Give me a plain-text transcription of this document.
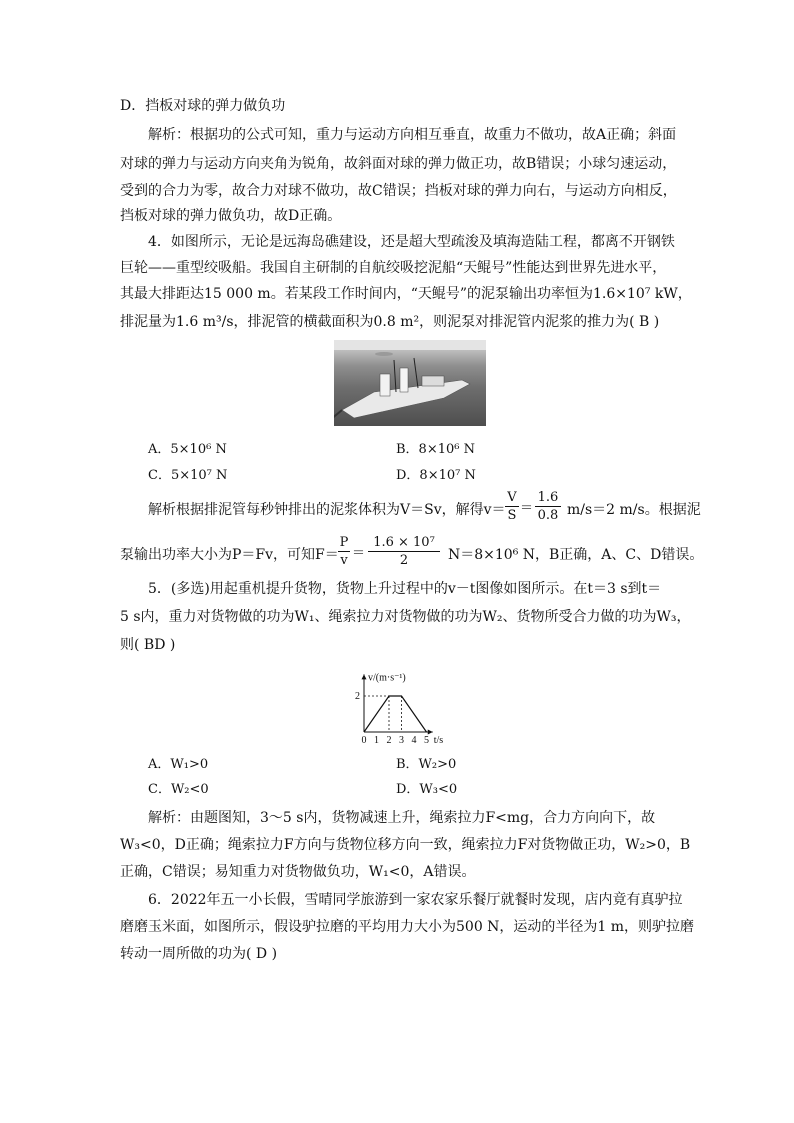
D．挡板对球的弹力做负功
解析：根据功的公式可知，重力与运动方向相互垂直，故重力不做功，故A正确；斜面
对球的弹力与运动方向夹角为锐角，故斜面对球的弹力做正功，故B错误；小球匀速运动，
受到的合力为零，故合力对球不做功，故C错误；挡板对球的弹力向右，与运动方向相反，
挡板对球的弹力做负功，故D正确。
4．如图所示，无论是远海岛礁建设，还是超大型疏浚及填海造陆工程，都离不开钢铁
巨轮——重型绞吸船。我国自主研制的自航绞吸挖泥船“天鲲号”性能达到世界先进水平，
其最大排距达15 000 m。若某段工作时间内，“天鲲号”的泥泵输出功率恒为1.6×10⁷ kW，
排泥量为1.6 m³/s，排泥管的横截面积为0.8 m²，则泥泵对排泥管内泥浆的推力为( B )
A．5×10⁶ N	B．8×10⁶ N
C．5×10⁷ N	D．8×10⁷ N
解析根据排泥管每秒钟排出的泥浆体积为V＝Sv，解得v＝
V
S ＝
1.6
0.8 m/s＝2 m/s。根据泥
泵输出功率大小为P＝Fv，可知F＝
P
v ＝
1.6 × 10⁷
2	N＝8×10⁶ N，B正确，A、C、D错误。
5．(多选)用起重机提升货物，货物上升过程中的v－t图像如图所示。在t＝3 s到t＝
5 s内，重力对货物做的功为W₁、绳索拉力对货物做的功为W₂、货物所受合力做的功为W₃，
则( BD )
0 1 2 3 4 5
2
v/(m·s⁻¹)
t/s
A．W₁>0	B．W₂>0
C．W₂<0	D．W₃<0
解析：由题图知，3～5 s内，货物减速上升，绳索拉力F<mg，合力方向向下，故
W₃<0，D正确；绳索拉力F方向与货物位移方向一致，绳索拉力F对货物做正功，W₂>0，B
正确，C错误；易知重力对货物做负功，W₁<0，A错误。
6．2022年五一小长假，雪晴同学旅游到一家农家乐餐厅就餐时发现，店内竟有真驴拉
磨磨玉米面，如图所示，假设驴拉磨的平均用力大小为500 N，运动的半径为1 m，则驴拉磨
转动一周所做的功为( D )
